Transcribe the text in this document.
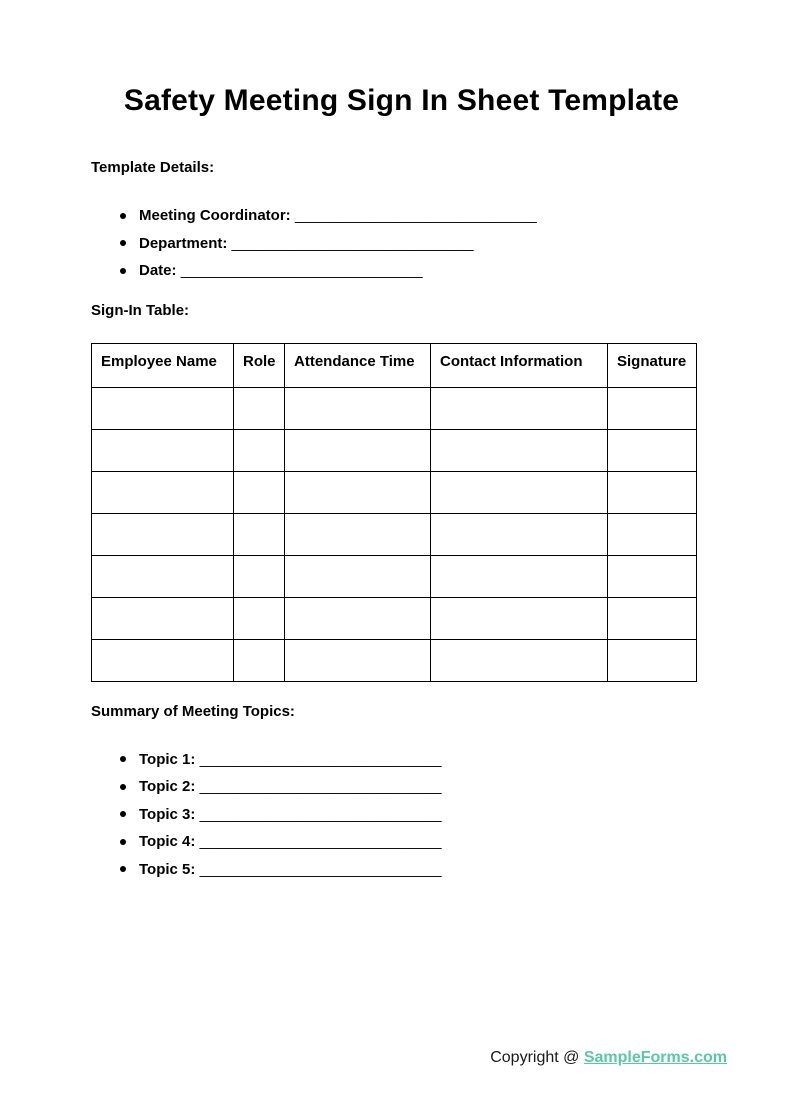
Safety Meeting Sign In Sheet Template
Template Details:
Meeting Coordinator: _____________________________
Department: _____________________________
Date: _____________________________
Sign-In Table:
Employee Name	Role	Attendance Time	Contact Information	Signature

Summary of Meeting Topics:
Topic 1: _____________________________
Topic 2: _____________________________
Topic 3: _____________________________
Topic 4: _____________________________
Topic 5: _____________________________
Copyright @ SampleForms.com
